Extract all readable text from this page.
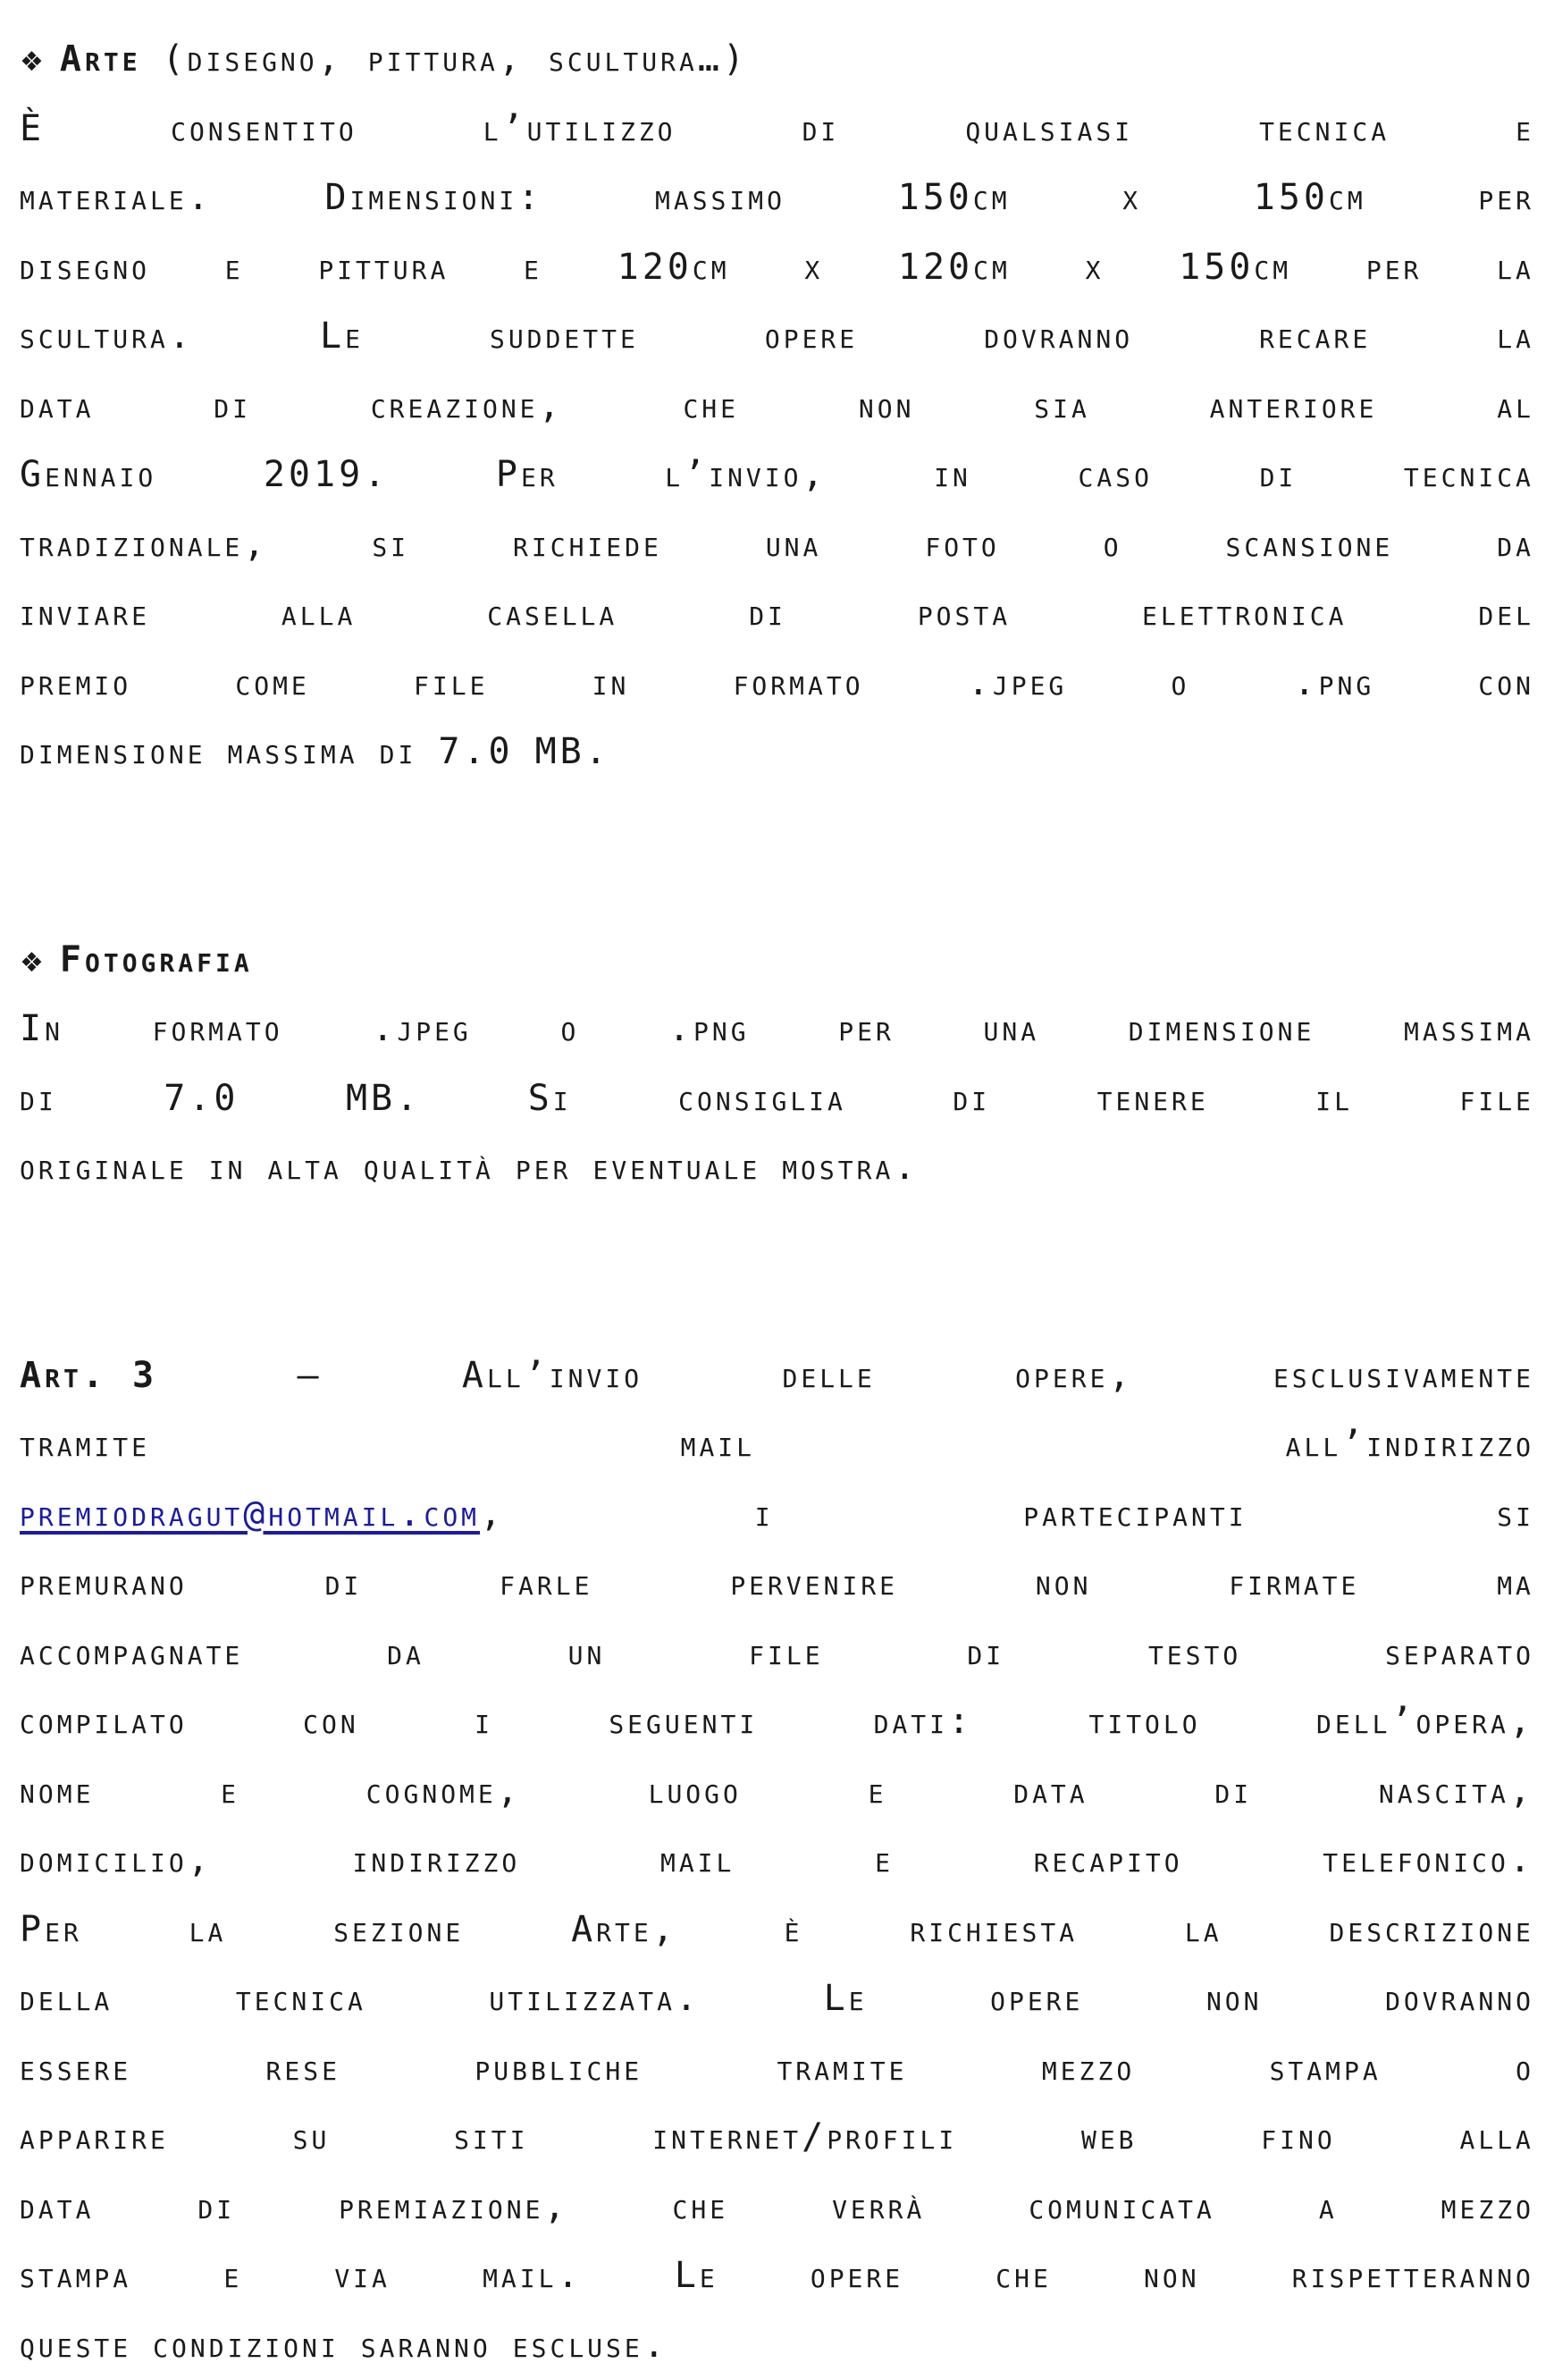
❖ Arte (disegno, pittura, scultura…)
È	consentito	l’utilizzo	di	qualsiasi	tecnica	e
materiale.	Dimensioni:	massimo	150cm	x	150cm	per
disegno e pittura e 120cm x 120cm x 150cm per la
scultura.	Le	suddette	opere	dovranno	recare	la
data	di	creazione,	che	non	sia	anteriore	al
Gennaio	2019.	Per	l’invio,	in	caso	di	tecnica
tradizionale,	si	richiede	una	foto	o	scansione	da
inviare	alla	casella	di	posta	elettronica	del
premio	come	file	in	formato	.jpeg	o	.png	con
dimensione massima di 7.0 MB.
❖ Fotografia
In formato .jpeg o .png per una dimensione massima
di	7.0	MB.	Si	consiglia	di	tenere	il	file
originale in alta qualità per eventuale mostra.
Art. 3	–	All’invio	delle	opere,	esclusivamente
tramite	mail	all’indirizzo
premiodragut@hotmail.com,	i	partecipanti	si
premurano	di	farle	pervenire	non	firmate	ma
accompagnate	da	un	file	di	testo	separato
compilato	con	i	seguenti	dati:	titolo	dell’opera,
nome	e	cognome,	luogo	e	data	di	nascita,
domicilio,	indirizzo	mail	e	recapito	telefonico.
Per	la	sezione	Arte,	è	richiesta	la	descrizione
della	tecnica	utilizzata.	Le	opere	non	dovranno
essere	rese	pubbliche	tramite	mezzo	stampa	o
apparire	su	siti	internet/profili	web	fino	alla
data	di	premiazione,	che	verrà	comunicata	a	mezzo
stampa	e	via	mail.	Le	opere	che	non	rispetteranno
queste condizioni saranno escluse.
